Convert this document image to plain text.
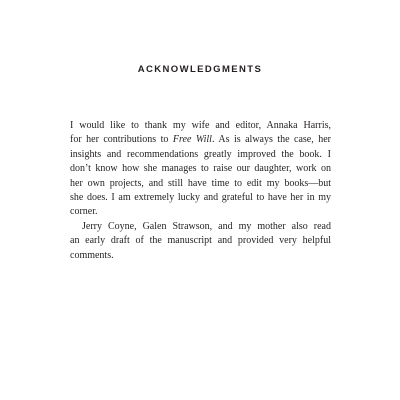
ACKNOWLEDGMENTS

I would like to thank my wife and editor, Annaka Harris,
for her contributions to Free Will. As is always the case, her
insights and recommendations greatly improved the book. I
don’t know how she manages to raise our daughter, work on
her own projects, and still have time to edit my books—but
she does. I am extremely lucky and grateful to have her in my
corner.

Jerry Coyne, Galen Strawson, and my mother also read
an early draft of the manuscript and provided very helpful
comments.
